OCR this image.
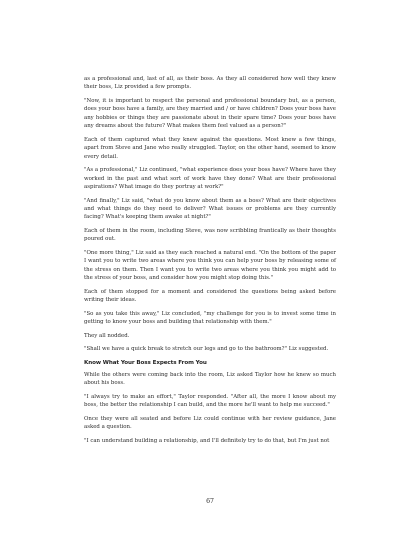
as a professional and, last of all, as their boss. As they all considered how well they knew their boss, Liz provided a few prompts.

"Now, it is important to respect the personal and professional boundary but, as a person, does your boss have a family, are they married and / or have children? Does your boss have any hobbies or things they are passionate about in their spare time? Does your boss have any dreams about the future? What makes them feel valued as a person?"

Each of them captured what they knew against the questions. Most knew a few things, apart from Steve and Jane who really struggled. Taylor, on the other hand, seemed to know every detail.

"As a professional," Liz continued, "what experience does your boss have? Where have they worked in the past and what sort of work have they done? What are their professional aspirations? What image do they portray at work?"

"And finally," Liz said, "what do you know about them as a boss? What are their objectives and what things do they need to deliver? What issues or problems are they currently facing? What's keeping them awake at night?"

Each of them in the room, including Steve, was now scribbling frantically as their thoughts poured out.

"One more thing," Liz said as they each reached a natural end. "On the bottom of the paper I want you to write two areas where you think you can help your boss by releasing some of the stress on them. Then I want you to write two areas where you think you might add to the stress of your boss, and consider how you might stop doing this."

Each of them stopped for a moment and considered the questions being asked before writing their ideas.

"So as you take this away," Liz concluded, "my challenge for you is to invest some time in getting to know your boss and building that relationship with them."

They all nodded.

"Shall we have a quick break to stretch our legs and go to the bathroom?" Liz suggested.

Know What Your Boss Expects From You

While the others were coming back into the room, Liz asked Taylor how he knew so much about his boss.

"I always try to make an effort," Taylor responded. "After all, the more I know about my boss, the better the relationship I can build, and the more he'll want to help me succeed."

Once they were all seated and before Liz could continue with her review guidance, Jane asked a question.

"I can understand building a relationship, and I'll definitely try to do that, but I'm just not

67
